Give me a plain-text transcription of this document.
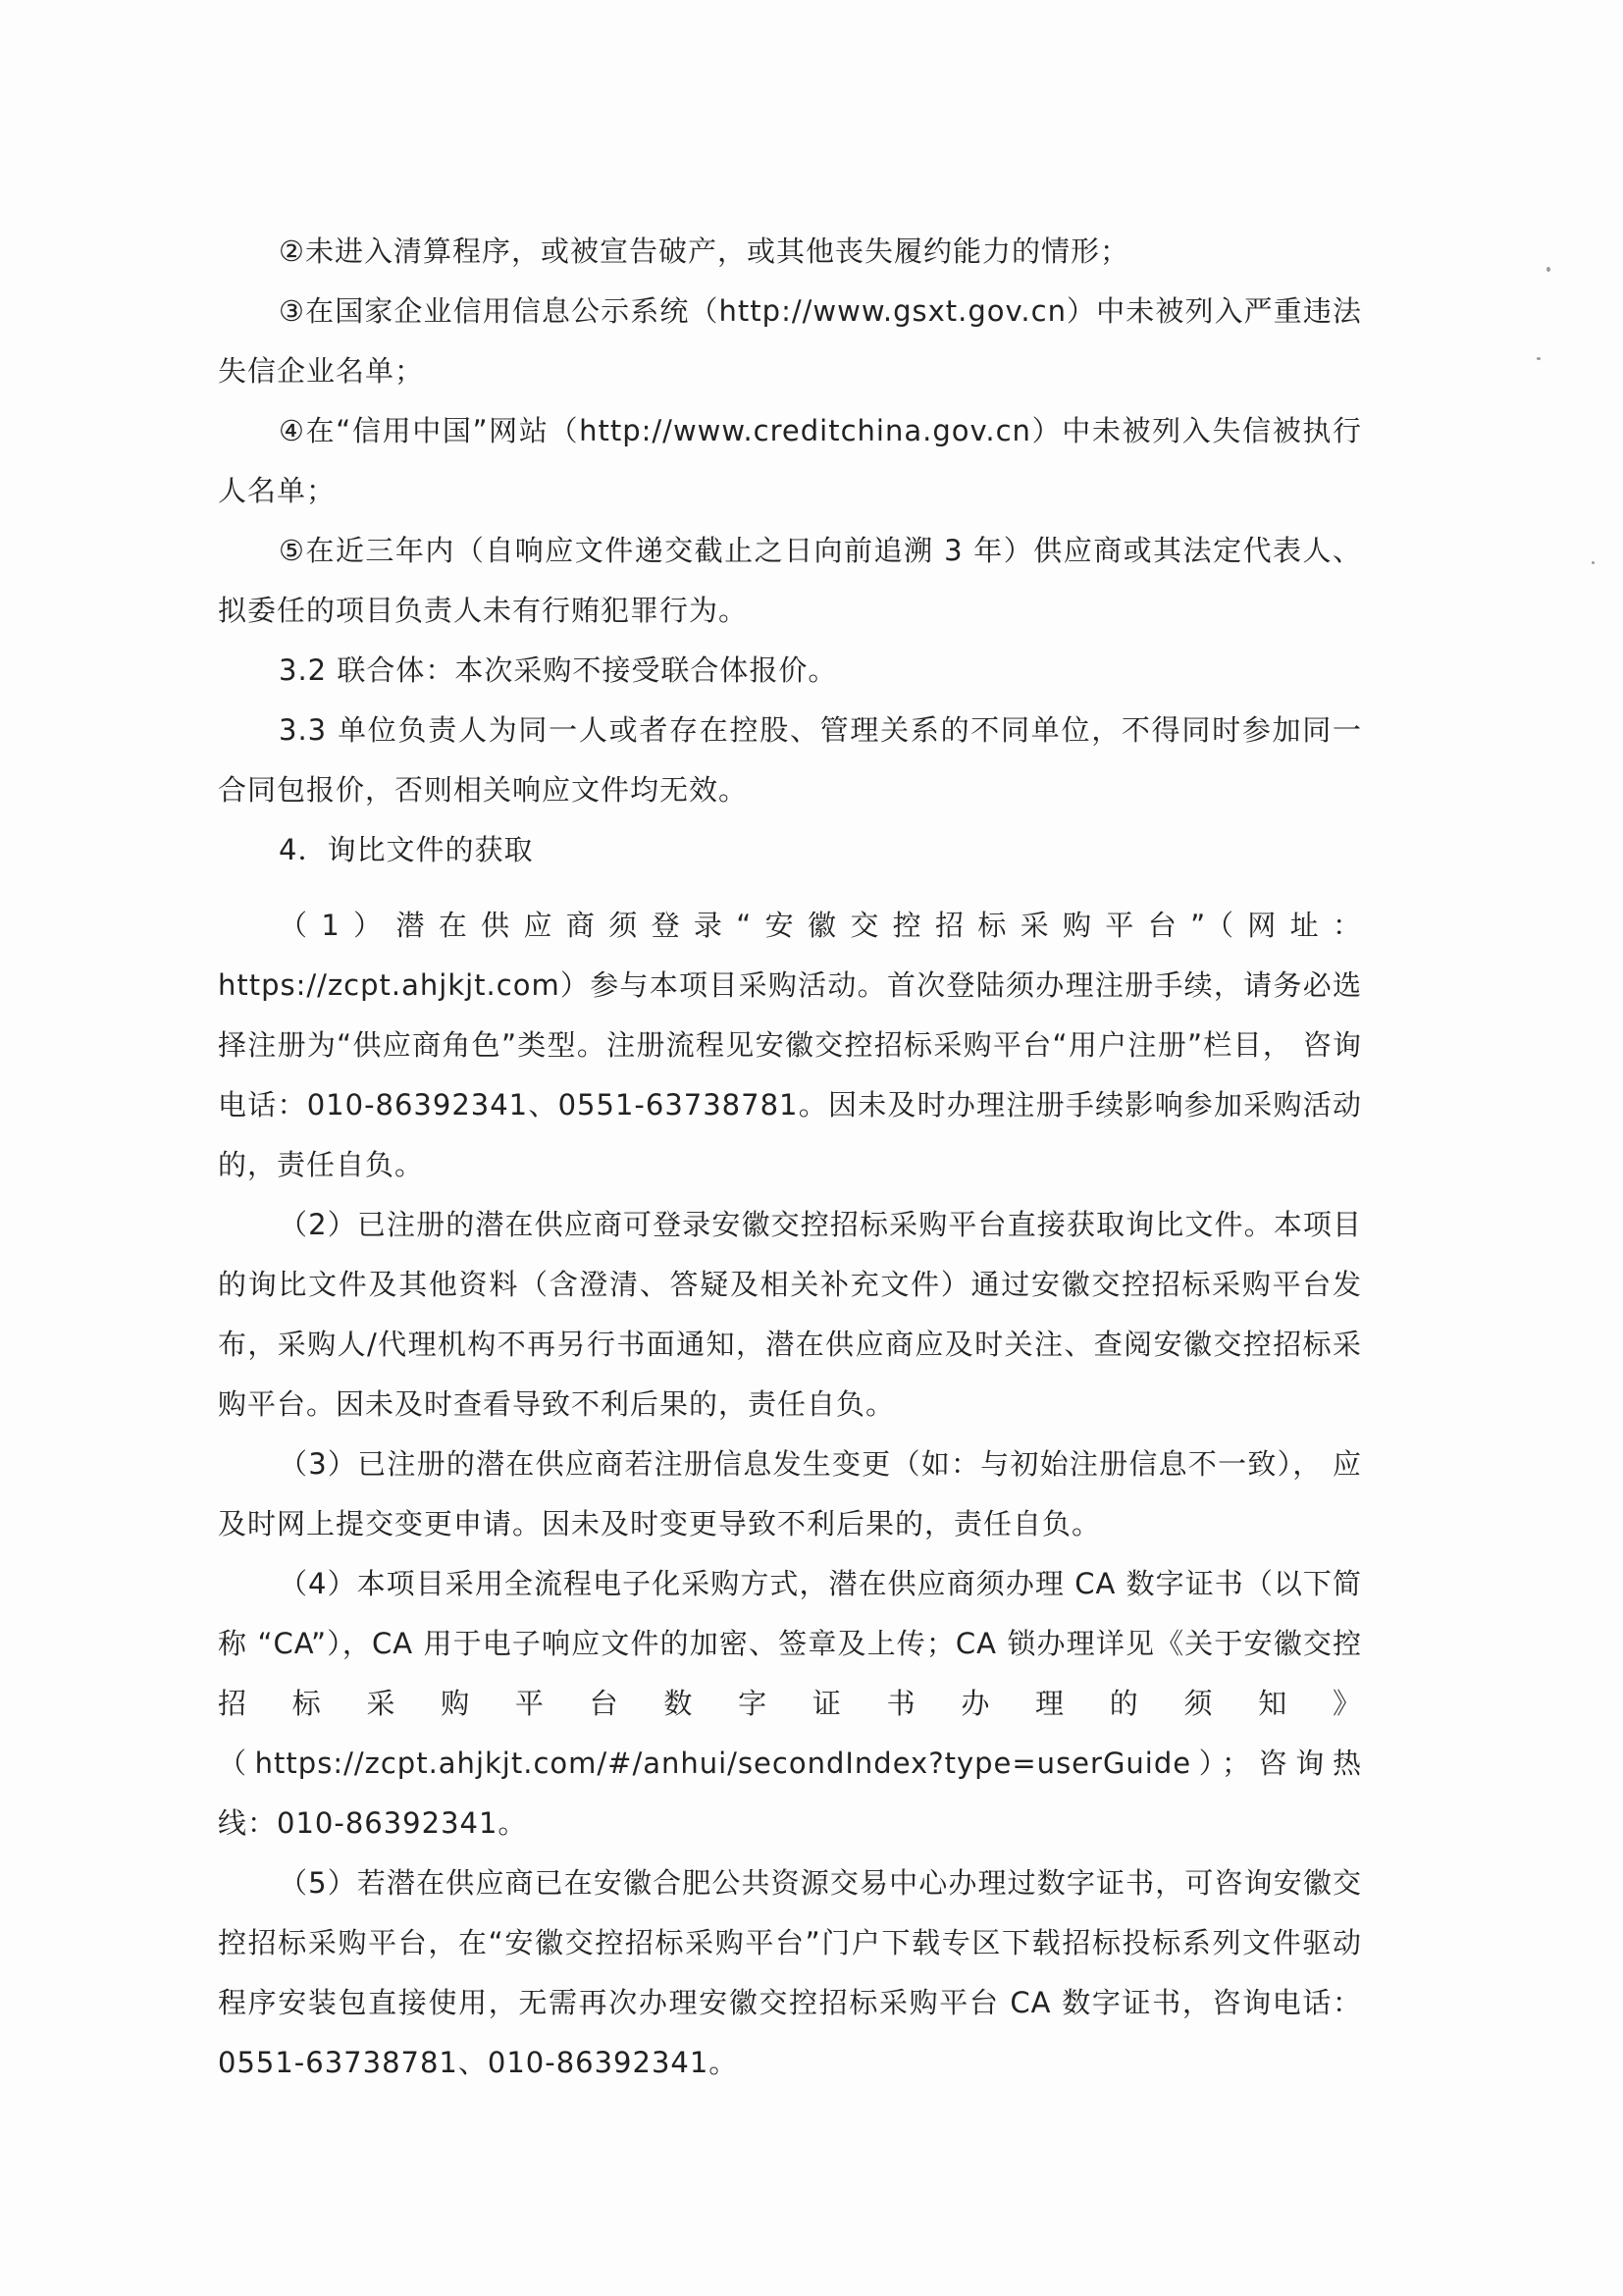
②未进入清算程序，或被宣告破产，或其他丧失履约能力的情形；

③在国家企业信用信息公示系统（http://www.gsxt.gov.cn）中未被列入严重违法失信企业名单；

④在“信用中国”网站（http://www.creditchina.gov.cn）中未被列入失信被执行人名单；

⑤在近三年内（自响应文件递交截止之日向前追溯 3 年）供应商或其法定代表人、拟委任的项目负责人未有行贿犯罪行为。

3.2 联合体：本次采购不接受联合体报价。

3.3 单位负责人为同一人或者存在控股、管理关系的不同单位，不得同时参加同一合同包报价，否则相关响应文件均无效。

4．询比文件的获取

（1）潜在供应商须登录“安徽交控招标采购平台”（网址：https://zcpt.ahjkjt.com）参与本项目采购活动。首次登陆须办理注册手续，请务必选择注册为“供应商角色”类型。注册流程见安徽交控招标采购平台“用户注册”栏目， 咨询电话：010-86392341、0551-63738781。因未及时办理注册手续影响参加采购活动的，责任自负。

（2）已注册的潜在供应商可登录安徽交控招标采购平台直接获取询比文件。本项目的询比文件及其他资料（含澄清、答疑及相关补充文件）通过安徽交控招标采购平台发布，采购人/代理机构不再另行书面通知，潜在供应商应及时关注、查阅安徽交控招标采购平台。因未及时查看导致不利后果的，责任自负。

（3）已注册的潜在供应商若注册信息发生变更（如：与初始注册信息不一致）， 应及时网上提交变更申请。因未及时变更导致不利后果的，责任自负。

（4）本项目采用全流程电子化采购方式，潜在供应商须办理 CA 数字证书（以下简称 “CA”），CA 用于电子响应文件的加密、签章及上传；CA 锁办理详见《关于安徽交控招标采购平台数字证书办理的须知》（https://zcpt.ahjkjt.com/#/anhui/secondIndex?type=userGuide）；咨询热线：010-86392341。

（5）若潜在供应商已在安徽合肥公共资源交易中心办理过数字证书，可咨询安徽交控招标采购平台，在“安徽交控招标采购平台”门户下载专区下载招标投标系列文件驱动程序安装包直接使用，无需再次办理安徽交控招标采购平台 CA 数字证书，咨询电话：0551-63738781、010-86392341。
